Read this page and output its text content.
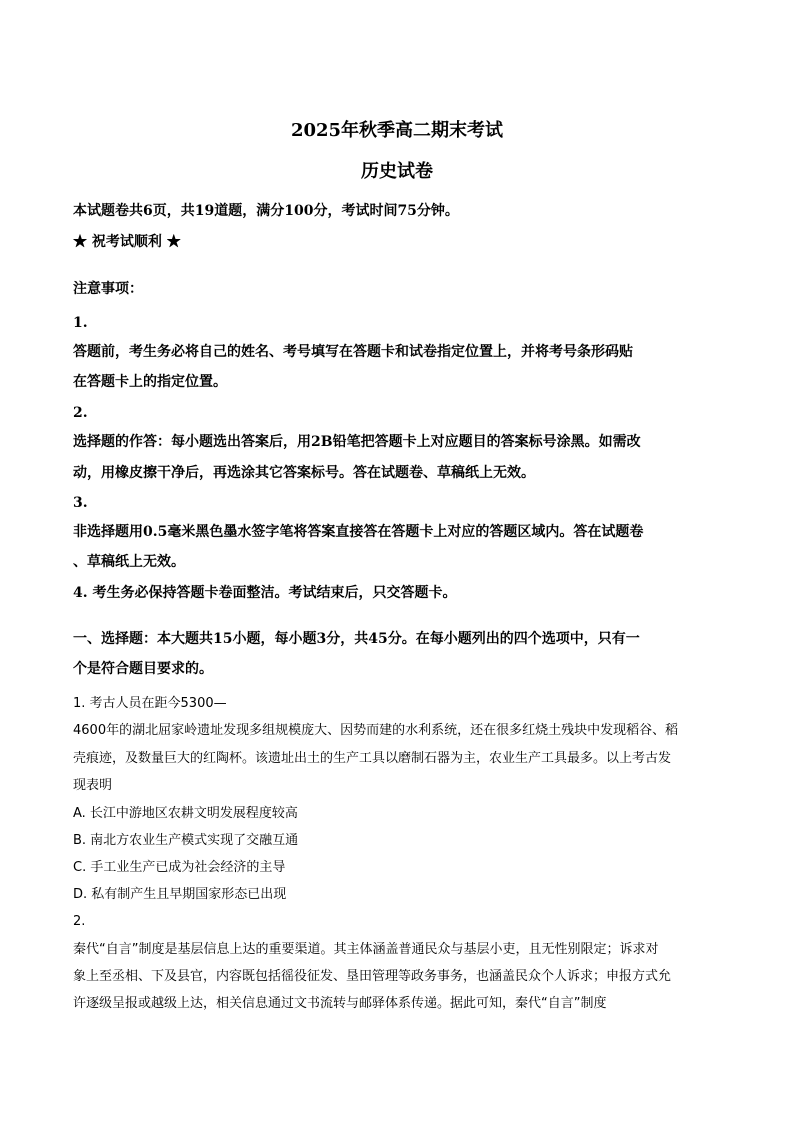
2025年秋季高二期末考试
历史试卷
本试题卷共6页，共19道题，满分100分，考试时间75分钟。
★ 祝考试顺利 ★
注意事项：
1.
答题前，考生务必将自己的姓名、考号填写在答题卡和试卷指定位置上，并将考号条形码贴
在答题卡上的指定位置。
2.
选择题的作答：每小题选出答案后，用2B铅笔把答题卡上对应题目的答案标号涂黑。如需改
动，用橡皮擦干净后，再选涂其它答案标号。答在试题卷、草稿纸上无效。
3.
非选择题用0.5毫米黑色墨水签字笔将答案直接答在答题卡上对应的答题区域内。答在试题卷
、草稿纸上无效。
4. 考生务必保持答题卡卷面整洁。考试结束后，只交答题卡。
一、选择题：本大题共15小题，每小题3分，共45分。在每小题列出的四个选项中，只有一
个是符合题目要求的。
1. 考古人员在距今5300—
4600年的湖北屈家岭遗址发现多组规模庞大、因势而建的水利系统，还在很多红烧土残块中发现稻谷、稻
壳痕迹，及数量巨大的红陶杯。该遗址出土的生产工具以磨制石器为主，农业生产工具最多。以上考古发
现表明
A. 长江中游地区农耕文明发展程度较高
B. 南北方农业生产模式实现了交融互通
C. 手工业生产已成为社会经济的主导
D. 私有制产生且早期国家形态已出现
2.
秦代“自言”制度是基层信息上达的重要渠道。其主体涵盖普通民众与基层小吏，且无性别限定；诉求对
象上至丞相、下及县官，内容既包括徭役征发、垦田管理等政务事务，也涵盖民众个人诉求；申报方式允
许逐级呈报或越级上达，相关信息通过文书流转与邮驿体系传递。据此可知，秦代“自言”制度
